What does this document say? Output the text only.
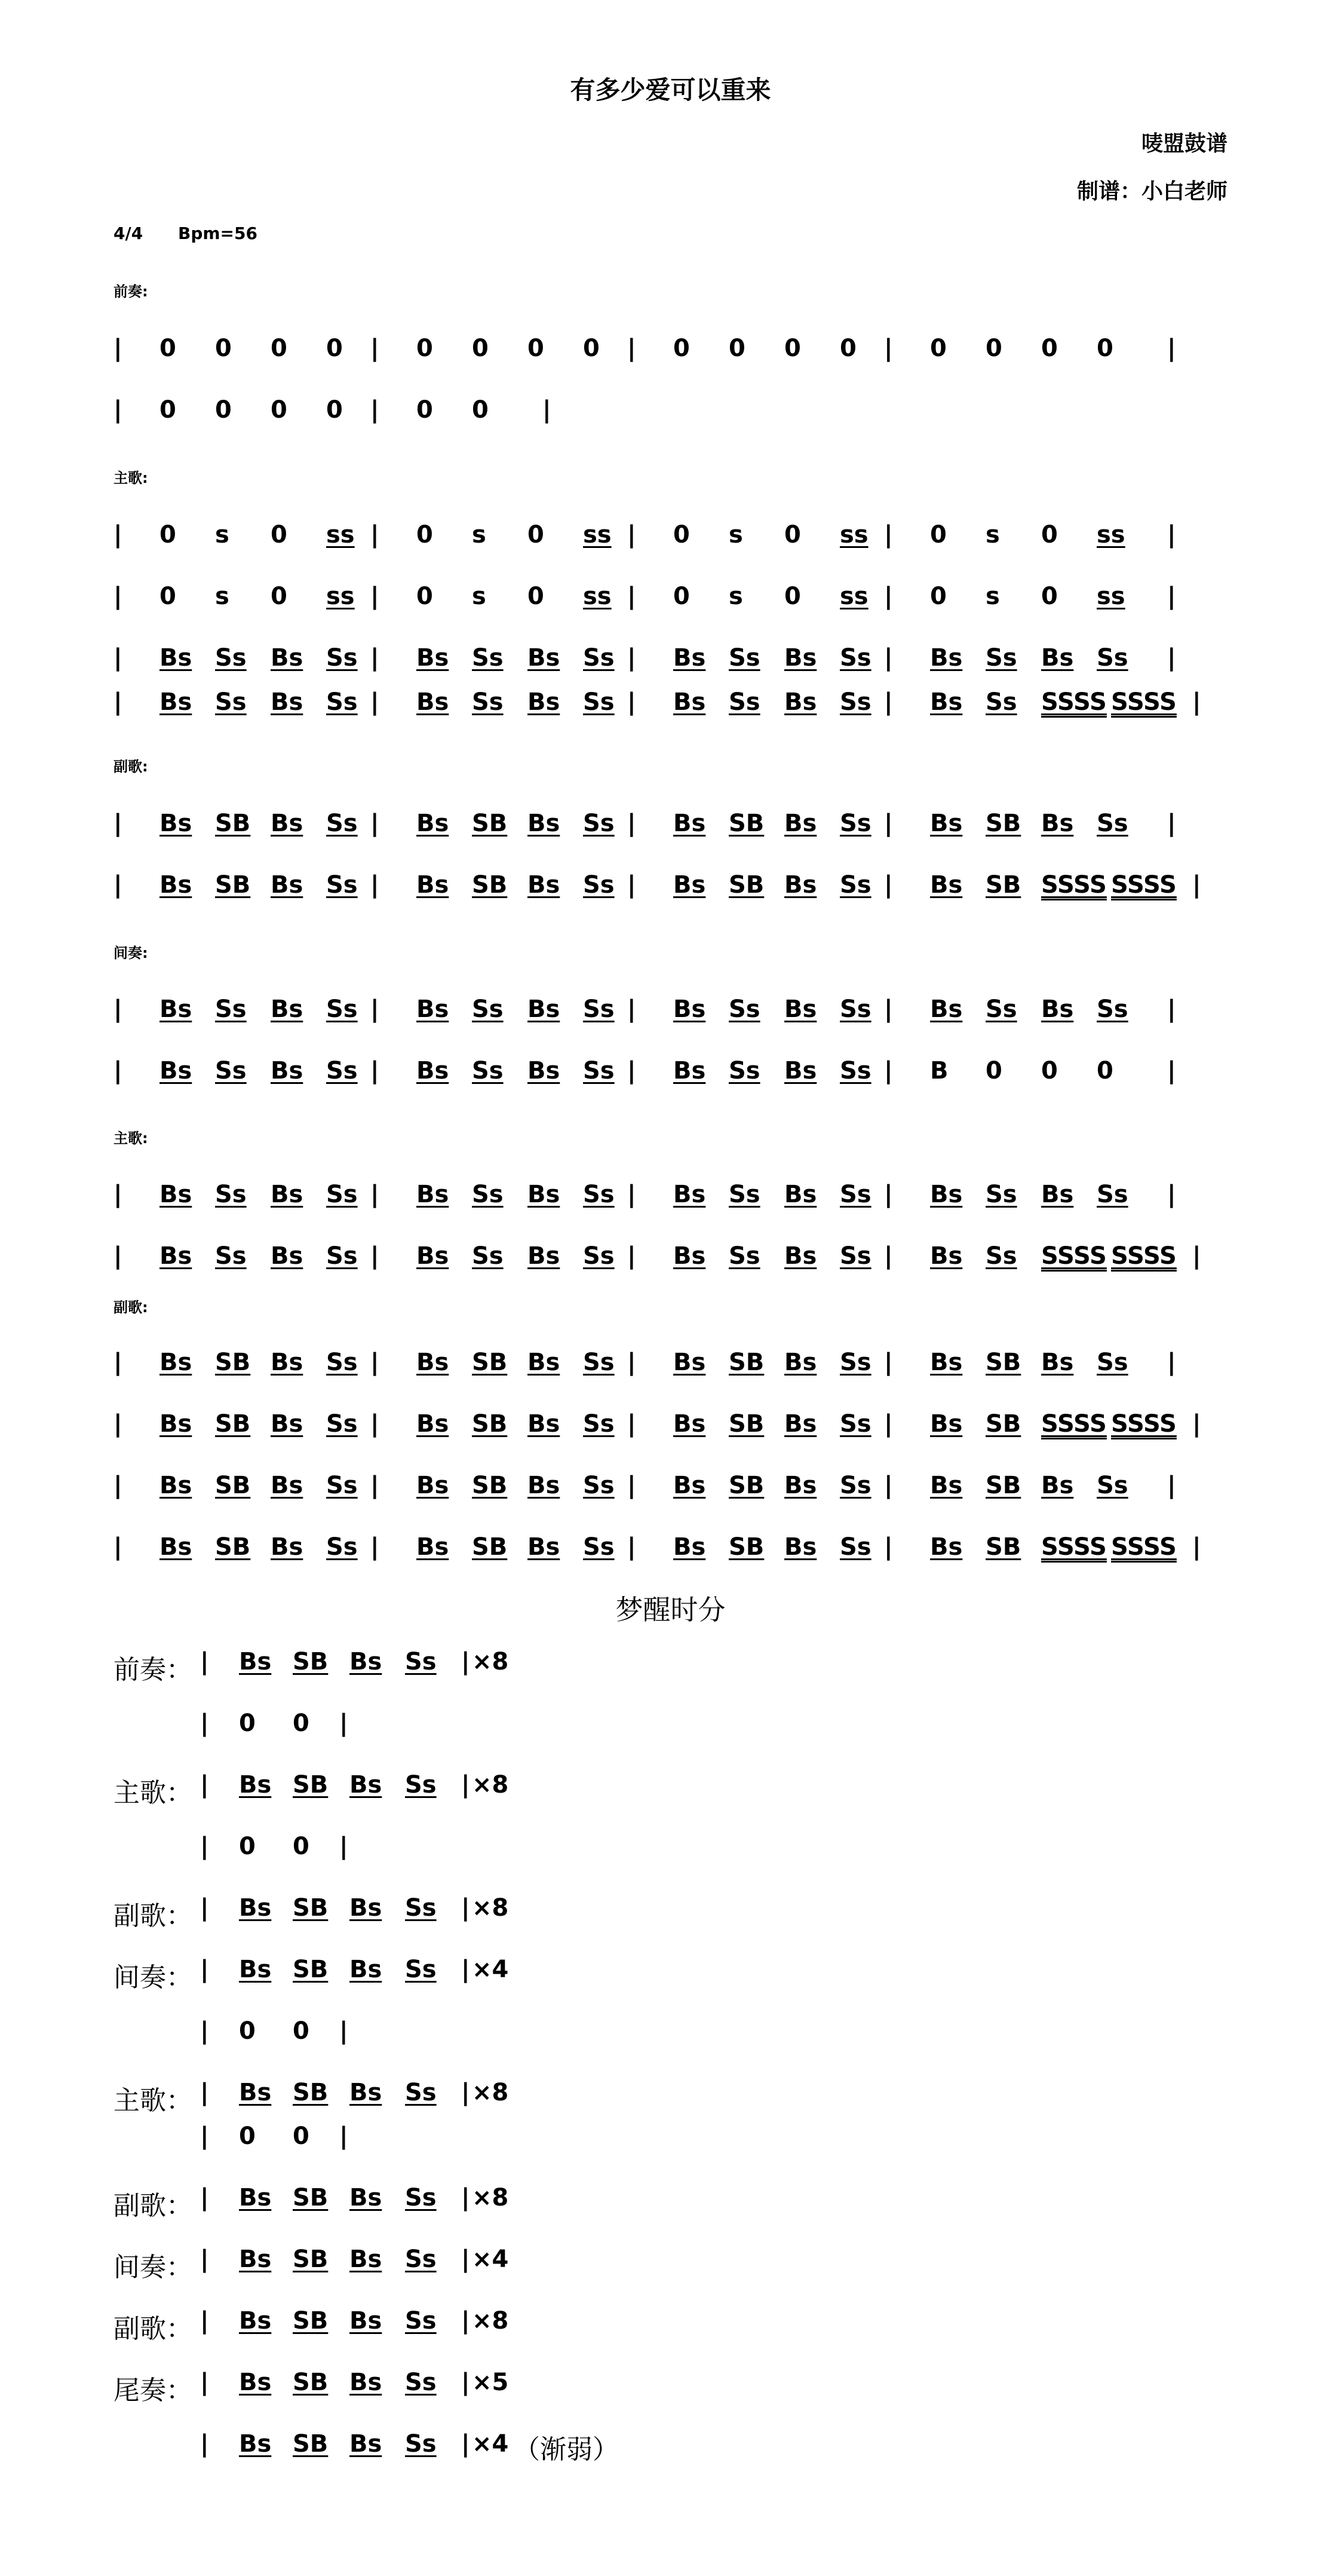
有多少爱可以重来
唛盟鼓谱
制谱：小白老师
4/4 Bpm=56
前奏:
| 0 0 0 0 | 0 0 0 0 | 0 0 0 0 | 0 0 0 0 |
| 0 0 0 0 | 0 0 |
主歌:
| 0 s 0 ss | 0 s 0 ss | 0 s 0 ss | 0 s 0 ss |
| 0 s 0 ss | 0 s 0 ss | 0 s 0 ss | 0 s 0 ss |
| Bs Ss Bs Ss | Bs Ss Bs Ss | Bs Ss Bs Ss | Bs Ss Bs Ss |
| Bs Ss Bs Ss | Bs Ss Bs Ss | Bs Ss Bs Ss | Bs Ss SSSS SSSS |
副歌:
| Bs SB Bs Ss | Bs SB Bs Ss | Bs SB Bs Ss | Bs SB Bs Ss |
| Bs SB Bs Ss | Bs SB Bs Ss | Bs SB Bs Ss | Bs SB SSSS SSSS |
间奏:
| Bs Ss Bs Ss | Bs Ss Bs Ss | Bs Ss Bs Ss | Bs Ss Bs Ss |
| Bs Ss Bs Ss | Bs Ss Bs Ss | Bs Ss Bs Ss | B 0 0 0 |
主歌:
| Bs Ss Bs Ss | Bs Ss Bs Ss | Bs Ss Bs Ss | Bs Ss Bs Ss |
| Bs Ss Bs Ss | Bs Ss Bs Ss | Bs Ss Bs Ss | Bs Ss SSSS SSSS |
副歌:
| Bs SB Bs Ss | Bs SB Bs Ss | Bs SB Bs Ss | Bs SB Bs Ss |
| Bs SB Bs Ss | Bs SB Bs Ss | Bs SB Bs Ss | Bs SB SSSS SSSS |
| Bs SB Bs Ss | Bs SB Bs Ss | Bs SB Bs Ss | Bs SB Bs Ss |
| Bs SB Bs Ss | Bs SB Bs Ss | Bs SB Bs Ss | Bs SB SSSS SSSS |
梦醒时分
前奏： | Bs SB Bs Ss | ×8
| 0 0 |
主歌： | Bs SB Bs Ss | ×8
| 0 0 |
副歌： | Bs SB Bs Ss | ×8
间奏： | Bs SB Bs Ss | ×4
| 0 0 |
主歌： | Bs SB Bs Ss | ×8
| 0 0 |
副歌： | Bs SB Bs Ss | ×8
间奏： | Bs SB Bs Ss | ×4
副歌： | Bs SB Bs Ss | ×8
尾奏： | Bs SB Bs Ss | ×5
| Bs SB Bs Ss | ×4 （渐弱）
